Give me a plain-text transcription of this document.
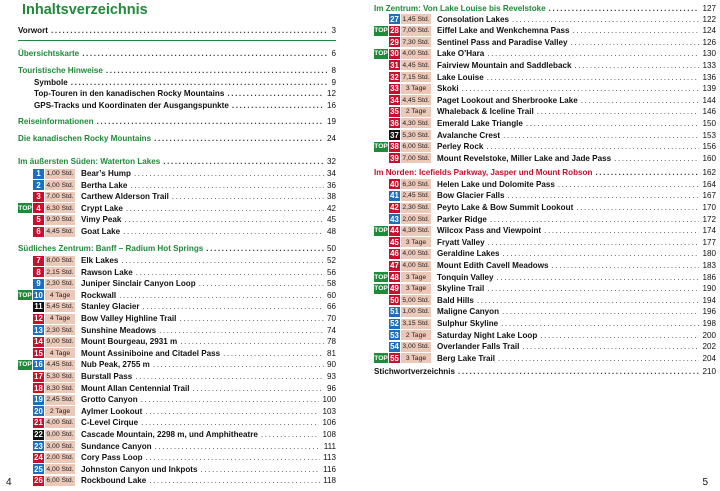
Inhaltsverzeichnis
Vorwort .....	3
Übersichtskarte .....	6
Touristische Hinweise .....	8
Symbole .....	9
Top-Touren in den kanadischen Rocky Mountains .....	12
GPS-Tracks und Koordinaten der Ausgangspunkte .....	16
Reiseinformationen .....	19
Die kanadischen Rocky Mountains .....	24
Im äußersten Süden: Waterton Lakes .....	32
1 1,00 Std. Bear’s Hump .....	34
2 4,00 Std. Bertha Lake .....	36
3 7,00 Std. Carthew Alderson Trail .....	38
TOP 4 6,30 Std. Crypt Lake .....	42
5 9,30 Std. Vimy Peak .....	45
6 4,45 Std. Goat Lake .....	48
Südliches Zentrum: Banff – Radium Hot Springs .....	50
7 8,00 Std. Elk Lakes .....	52
8 2,15 Std. Rawson Lake .....	56
9 2,30 Std. Juniper Sinclair Canyon Loop .....	58
TOP 10	4 Tage	Rockwall .....	60
11 5,45 Std. Stanley Glacier .....	66
12	4 Tage	Bow Valley Highline Trail .....	70
13 2,30 Std. Sunshine Meadows .....	74
14 9,00 Std. Mount Bourgeau, 2931 m .....	78
15	4 Tage	Mount Assiniboine and Citadel Pass .....	81
TOP 16 4,45 Std. Nub Peak, 2755 m .....	90
17 5,30 Std. Burstall Pass .....	93
18 8,30 Std. Mount Allan Centennial Trail .....	96
19 2,45 Std. Grotto Canyon .....	100
20	2 Tage	Aylmer Lookout .....	103
21 4,00 Std. C-Level Cirque .....	106
22 9,00 Std. Cascade Mountain, 2298 m, und Amphitheatre .....	108
23 3,00 Std. Sundance Canyon .....	111
24 2,00 Std. Cory Pass Loop .....	113
25 4,00 Std. Johnston Canyon und Inkpots .....	116
26 6,00 Std. Rockbound Lake .....	118
Im Zentrum: Von Lake Louise bis Revelstoke .....	127
27 1,45 Std. Consolation Lakes .....	122
TOP 28 7,00 Std. Eiffel Lake and Wenkchemna Pass .....	124
29 7,30 Std. Sentinel Pass and Paradise Valley .....	126
TOP 30 4,00 Std. Lake O’Hara .....	130
31 4,45 Std. Fairview Mountain and Saddleback .....	133
32 7,15 Std. Lake Louise .....	136
33	3 Tage	Skoki .....	139
34 4,45 Std. Paget Lookout and Sherbrooke Lake .....	144
35	2 Tage	Whaleback & Iceline Trail .....	146
36 4,30 Std. Emerald Lake Triangle .....	150
37 5,30 Std. Avalanche Crest .....	153
TOP 38 6,00 Std. Perley Rock .....	156
39 7,00 Std. Mount Revelstoke, Miller Lake and Jade Pass .....	160
Im Norden: Icefields Parkway, Jasper und Mount Robson .....	162
40 6,30 Std. Helen Lake und Dolomite Pass .....	164
41 2,45 Std. Bow Glacier Falls .....	167
42 2,30 Std. Peyto Lake & Bow Summit Lookout .....	170
43 2,00 Std. Parker Ridge .....	172
TOP 44 4,30 Std. Wilcox Pass and Viewpoint .....	174
45	3 Tage	Fryatt Valley .....	177
46 4,00 Std. Geraldine Lakes .....	180
47 4,00 Std. Mount Edith Cavell Meadows .....	183
TOP 48	3 Tage	Tonquin Valley .....	186
TOP 49	3 Tage	Skyline Trail .....	190
50 5,00 Std. Bald Hills .....	194
51 1,00 Std. Maligne Canyon .....	196
52 3,15 Std. Sulphur Skyline .....	198
53	2 Tage	Saturday Night Lake Loop .....	200
54 3,00 Std. Overlander Falls Trail .....	202
TOP 55	3 Tage	Berg Lake Trail .....	204
Stichwortverzeichnis .....	210
4	5
